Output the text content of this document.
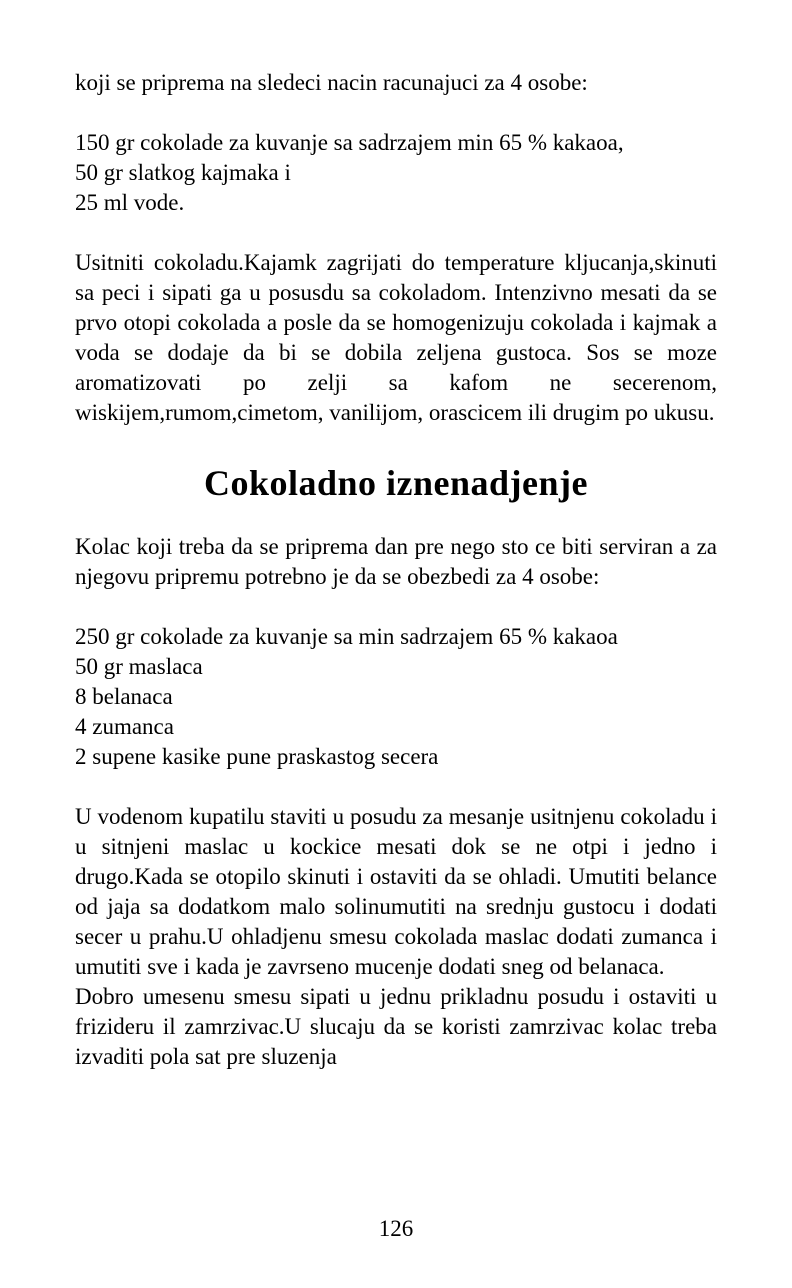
koji se priprema na sledeci nacin racunajuci za 4 osobe:

150 gr cokolade za kuvanje sa sadrzajem min 65 % kakaoa,

50 gr slatkog kajmaka i

25 ml vode.

Usitniti cokoladu.Kajamk zagrijati do temperature kljucanja,skinuti sa peci i sipati ga u posusdu sa cokoladom. Intenzivno mesati da se prvo otopi cokolada a posle da se homogenizuju cokolada i kajmak a voda se dodaje da bi se dobila zeljena gustoca. Sos se moze aromatizovati po zelji sa kafom ne secerenom, wiskijem,rumom,cimetom, vanilijom, orascicem ili drugim po ukusu.

Cokoladno iznenadjenje

Kolac koji treba da se priprema dan pre nego sto ce biti serviran a za njegovu pripremu potrebno je da se obezbedi za 4 osobe:

250 gr cokolade za kuvanje sa min sadrzajem 65 % kakaoa

50 gr maslaca

8 belanaca

4 zumanca

2 supene kasike pune praskastog secera

U vodenom kupatilu staviti u posudu za mesanje usitnjenu cokoladu i u sitnjeni maslac u kockice mesati dok se ne otpi i jedno i drugo.Kada se otopilo skinuti i ostaviti da se ohladi. Umutiti belance od jaja sa dodatkom malo solinumutiti na srednju gustocu i dodati secer u prahu.U ohladjenu smesu cokolada maslac dodati zumanca i umutiti sve i kada je zavrseno mucenje dodati sneg od belanaca.

Dobro umesenu smesu sipati u jednu prikladnu posudu i ostaviti u frizideru il zamrzivac.U slucaju da se koristi zamrzivac kolac treba izvaditi pola sat pre sluzenja

126
